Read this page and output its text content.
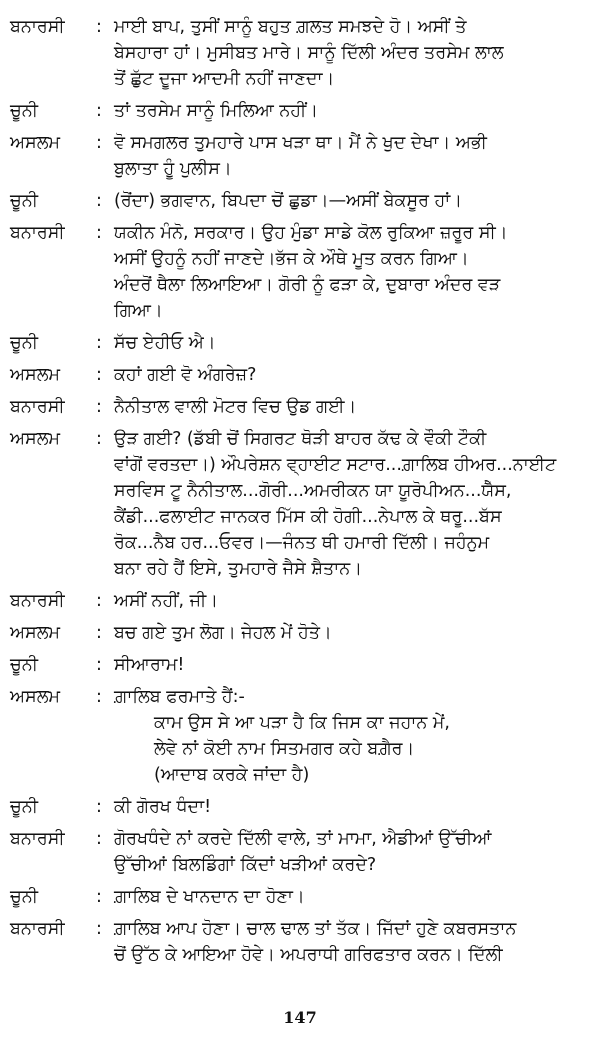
ਬਨਾਰਸੀ	: ਮਾਈ ਬਾਪ, ਤੁਸੀਂ ਸਾਨੂੰ ਬਹੁਤ ਗ਼ਲਤ ਸਮਝਦੇ ਹੋ। ਅਸੀਂ ਤੇ
ਬੇਸਹਾਰਾ ਹਾਂ। ਮੁਸੀਬਤ ਮਾਰੇ। ਸਾਨੂੰ ਦਿੱਲੀ ਅੰਦਰ ਤਰਸੇਮ ਲਾਲ
ਤੋਂ ਛੁੱਟ ਦੂਜਾ ਆਦਮੀ ਨਹੀਂ ਜਾਣਦਾ।
ਚੂਨੀ	: ਤਾਂ ਤਰਸੇਮ ਸਾਨੂੰ ਮਿਲਿਆ ਨਹੀਂ।
ਅਸਲਮ	: ਵੋ ਸਮਗਲਰ ਤੁਮਹਾਰੇ ਪਾਸ ਖੜਾ ਥਾ। ਮੈਂ ਨੇ ਖੁਦ ਦੇਖਾ। ਅਭੀ
ਬੁਲਾਤਾ ਹੂੰ ਪੁਲੀਸ।
ਚੂਨੀ	: (ਰੋਂਦਾ) ਭਗਵਾਨ, ਬਿਪਦਾ ਚੋਂ ਛੁਡਾ।—ਅਸੀਂ ਬੇਕਸੂਰ ਹਾਂ।
ਬਨਾਰਸੀ	: ਯਕੀਨ ਮੰਨੋ, ਸਰਕਾਰ। ਉਹ ਮੁੰਡਾ ਸਾਡੇ ਕੋਲ ਰੁਕਿਆ ਜ਼ਰੂਰ ਸੀ।
ਅਸੀਂ ਉਹਨੂੰ ਨਹੀਂ ਜਾਣਦੇ।ਭੱਜ ਕੇ ਔਥੇ ਮੂਤ ਕਰਨ ਗਿਆ।
ਅੰਦਰੋਂ ਥੈਲਾ ਲਿਆਇਆ। ਗੋਰੀ ਨੂੰ ਫੜਾ ਕੇ, ਦੁਬਾਰਾ ਅੰਦਰ ਵੜ
ਗਿਆ।
ਚੂਨੀ	: ਸੱਚ ਏਹੀਓ ਐ।
ਅਸਲਮ	: ਕਹਾਂ ਗਈ ਵੋ ਅੰਗਰੇਜ਼?
ਬਨਾਰਸੀ	: ਨੈਨੀਤਾਲ ਵਾਲੀ ਮੋਟਰ ਵਿਚ ਉਡ ਗਈ।
ਅਸਲਮ	: ਉੜ ਗਈ? (ਡੱਬੀ ਚੋਂ ਸਿਗਰਟ ਥੋੜੀ ਬਾਹਰ ਕੱਢ ਕੇ ਵੌਕੀ ਟੌਕੀ
ਵਾਂਗੋਂ ਵਰਤਦਾ।) ਔਪਰੇਸ਼ਨ ਵ੍ਹਾਈਟ ਸਟਾਰ...ਗ਼ਾਲਿਬ ਹੀਅਰ...ਨਾਈਟ
ਸਰਵਿਸ ਟੂ ਨੈਨੀਤਾਲ...ਗੋਰੀ...ਅਮਰੀਕਨ ਯਾ ਯੂਰੋਪੀਅਨ...ਯੈੱਸ,
ਕੈਂਡੀ...ਫਲਾਈਟ ਜਾਨਕਰ ਮਿੱਸ ਕੀ ਹੋਗੀ...ਨੇਪਾਲ ਕੇ ਥਰੂ...ਬੱਸ
ਰੋਕ...ਨੈਬ ਹਰ...ਓਵਰ।—ਜੰਨਤ ਥੀ ਹਮਾਰੀ ਦਿੱਲੀ। ਜਹੰਨੁਮ
ਬਨਾ ਰਹੇ ਹੈਂ ਇਸੇ, ਤੁਮਹਾਰੇ ਜੈਸੇ ਸ਼ੈਤਾਨ।
ਬਨਾਰਸੀ	: ਅਸੀਂ ਨਹੀਂ, ਜੀ।
ਅਸਲਮ	: ਬਚ ਗਏ ਤੁਮ ਲੋਗ। ਜੇਹਲ ਮੇਂ ਹੋਤੇ।
ਚੂਨੀ	: ਸੀਆਰਾਮ!
ਅਸਲਮ	: ਗ਼ਾਲਿਬ ਫਰਮਾਤੇ ਹੈਂ:-
ਕਾਮ ਉਸ ਸੇ ਆ ਪੜਾ ਹੈ ਕਿ ਜਿਸ ਕਾ ਜਹਾਨ ਮੇਂ,
ਲੇਵੇ ਨਾਂ ਕੋਈ ਨਾਮ ਸਿਤਮਗਰ ਕਹੇ ਬਗ਼ੈਰ।
(ਆਦਾਬ ਕਰਕੇ ਜਾਂਦਾ ਹੈ)
ਚੂਨੀ	: ਕੀ ਗੋਰਖ ਧੰਦਾ!
ਬਨਾਰਸੀ	: ਗੋਰਖਧੰਦੇ ਨਾਂ ਕਰਦੇ ਦਿੱਲੀ ਵਾਲੇ, ਤਾਂ ਮਾਮਾ, ਐਡੀਆਂ ਉੱਚੀਆਂ
ਉੱਚੀਆਂ ਬਿਲਡਿੰਗਾਂ ਕਿੱਦਾਂ ਖੜੀਆਂ ਕਰਦੇ?
ਚੂਨੀ	: ਗ਼ਾਲਿਬ ਦੇ ਖਾਨਦਾਨ ਦਾ ਹੋਣਾ।
ਬਨਾਰਸੀ	: ਗ਼ਾਲਿਬ ਆਪ ਹੋਣਾ। ਚਾਲ ਢਾਲ ਤਾਂ ਤੱਕ। ਜਿੱਦਾਂ ਹੁਣੇ ਕਬਰਸਤਾਨ
ਚੋਂ ਉੱਠ ਕੇ ਆਇਆ ਹੋਵੇ। ਅਪਰਾਧੀ ਗਰਿਫਤਾਰ ਕਰਨ। ਦਿੱਲੀ
147
